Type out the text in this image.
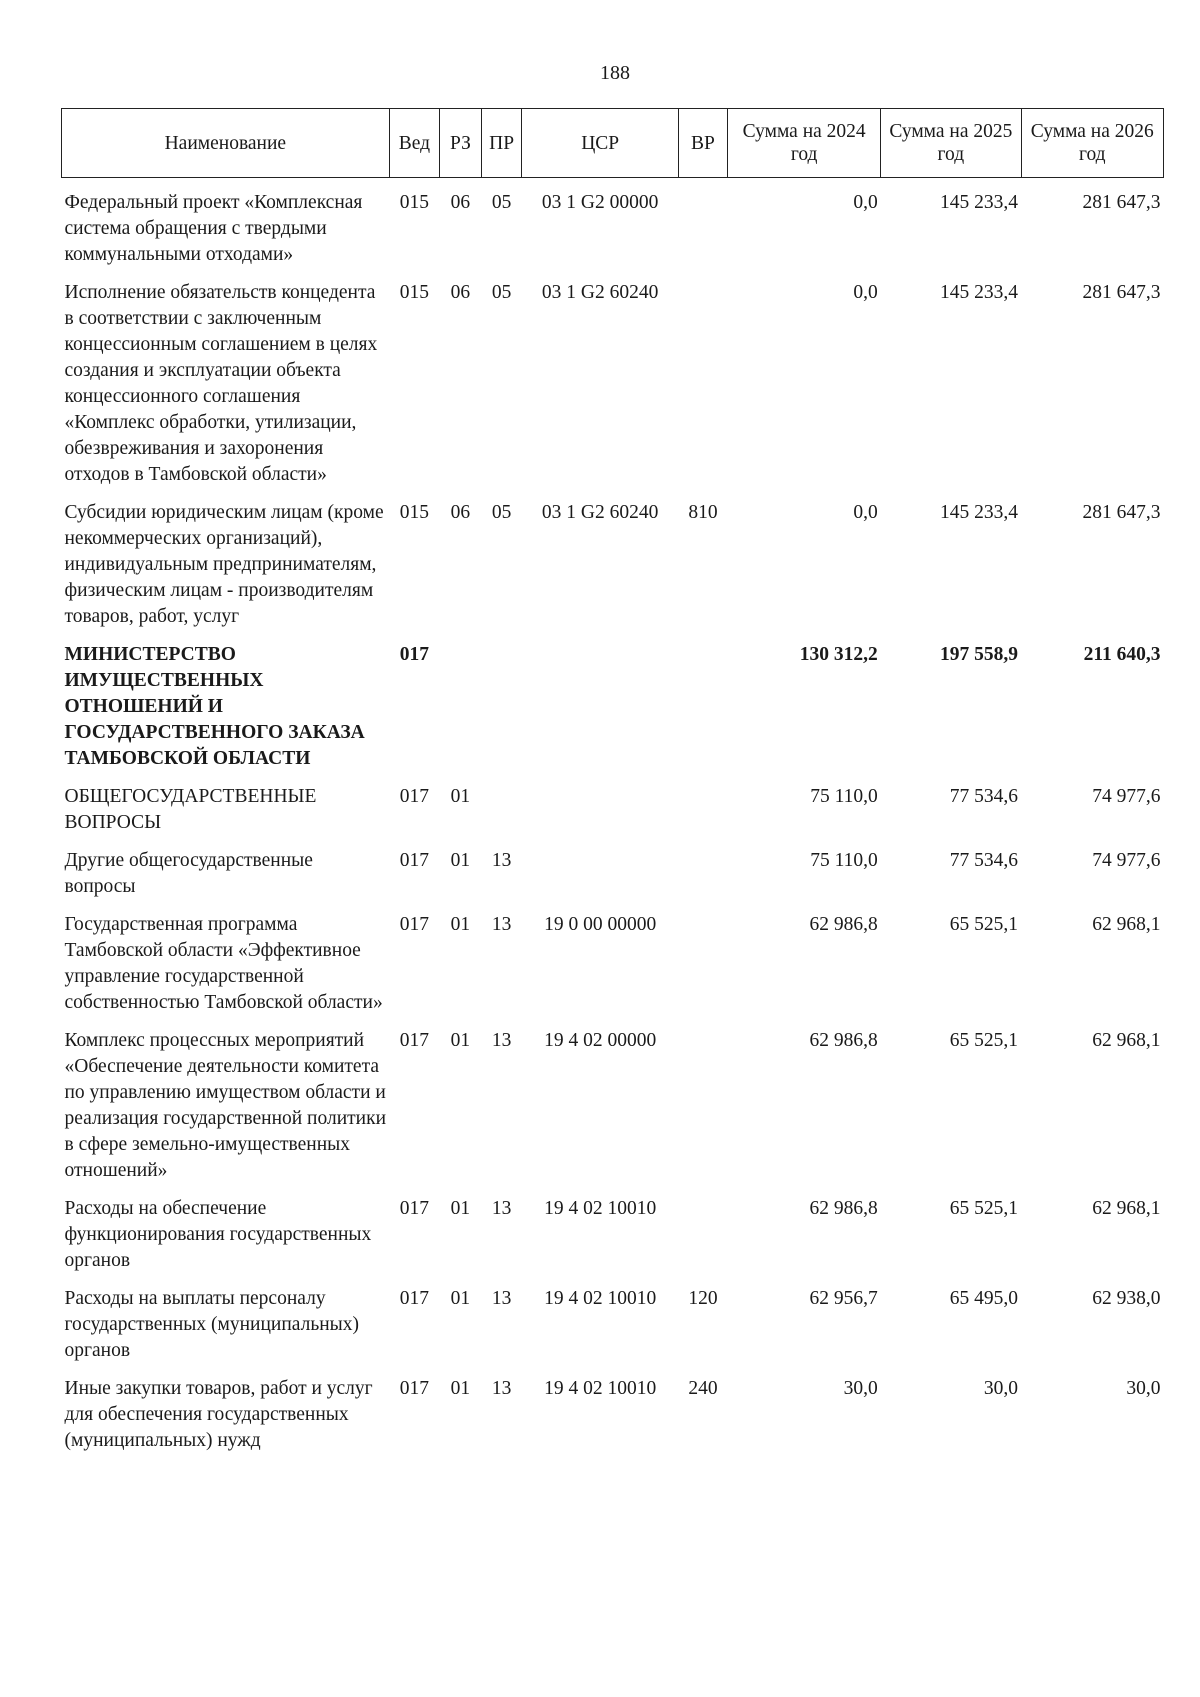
188
Наименование	Вед	РЗ	ПР	ЦСР	ВР	Сумма на 2024 год	Сумма на 2025 год	Сумма на 2026 год

Федеральный проект «Комплексная система обращения с твердыми коммунальными отходами»	015	06	05	03 1 G2 00000		0,0	145 233,4	281 647,3

Исполнение обязательств концедента в соответствии с заключенным концессионным соглашением в целях создания и эксплуатации объекта концессионного соглашения «Комплекс обработки, утилизации, обезвреживания и захоронения отходов в Тамбовской области»	015	06	05	03 1 G2 60240		0,0	145 233,4	281 647,3

Субсидии юридическим лицам (кроме некоммерческих организаций), индивидуальным предпринимателям, физическим лицам - производителям товаров, работ, услуг	015	06	05	03 1 G2 60240	810	0,0	145 233,4	281 647,3

МИНИСТЕРСТВО ИМУЩЕСТВЕННЫХ ОТНОШЕНИЙ И ГОСУДАРСТВЕННОГО ЗАКАЗА ТАМБОВСКОЙ ОБЛАСТИ	017					130 312,2	197 558,9	211 640,3

ОБЩЕГОСУДАРСТВЕННЫЕ ВОПРОСЫ	017	01				75 110,0	77 534,6	74 977,6

Другие общегосударственные вопросы	017	01	13			75 110,0	77 534,6	74 977,6

Государственная программа Тамбовской области «Эффективное управление государственной собственностью Тамбовской области»	017	01	13	19 0 00 00000		62 986,8	65 525,1	62 968,1

Комплекс процессных мероприятий «Обеспечение деятельности комитета по управлению имуществом области и реализация государственной политики в сфере земельно-имущественных отношений»	017	01	13	19 4 02 00000		62 986,8	65 525,1	62 968,1

Расходы на обеспечение функционирования государственных органов	017	01	13	19 4 02 10010		62 986,8	65 525,1	62 968,1

Расходы на выплаты персоналу государственных (муниципальных) органов	017	01	13	19 4 02 10010	120	62 956,7	65 495,0	62 938,0

Иные закупки товаров, работ и услуг для обеспечения государственных (муниципальных) нужд	017	01	13	19 4 02 10010	240	30,0	30,0	30,0
